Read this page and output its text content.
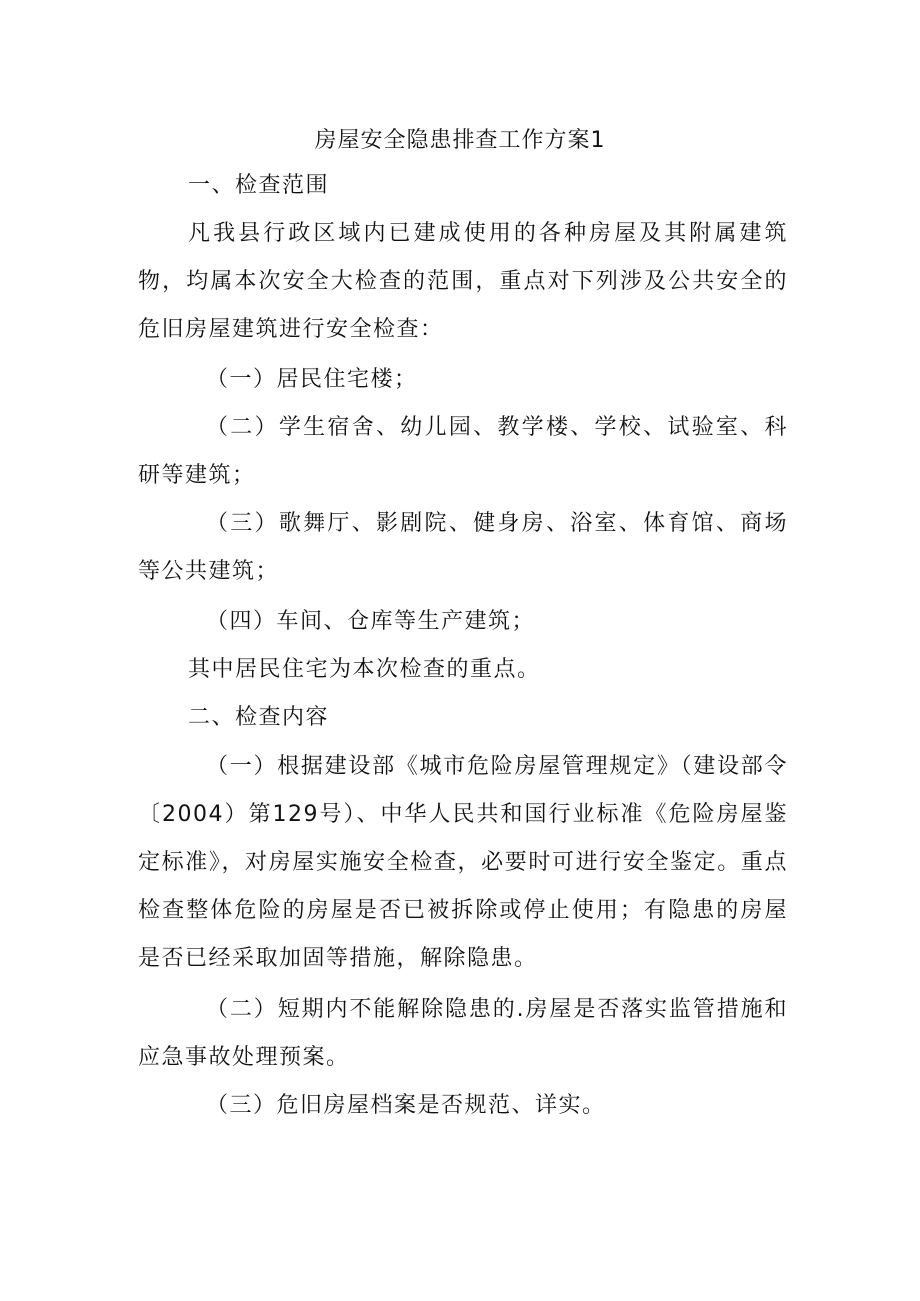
房屋安全隐患排查工作方案1
一、检查范围
凡我县行政区域内已建成使用的各种房屋及其附属建筑物，均属本次安全大检查的范围，重点对下列涉及公共安全的危旧房屋建筑进行安全检查：
（一）居民住宅楼；
（二）学生宿舍、幼儿园、教学楼、学校、试验室、科研等建筑；
（三）歌舞厅、影剧院、健身房、浴室、体育馆、商场等公共建筑；
（四）车间、仓库等生产建筑；
其中居民住宅为本次检查的重点。
二、检查内容
（一）根据建设部《城市危险房屋管理规定》（建设部令〔2004）第129号）、中华人民共和国行业标准《危险房屋鉴定标准》，对房屋实施安全检查，必要时可进行安全鉴定。重点检查整体危险的房屋是否已被拆除或停止使用；有隐患的房屋是否已经采取加固等措施，解除隐患。
（二）短期内不能解除隐患的.房屋是否落实监管措施和应急事故处理预案。
（三）危旧房屋档案是否规范、详实。
